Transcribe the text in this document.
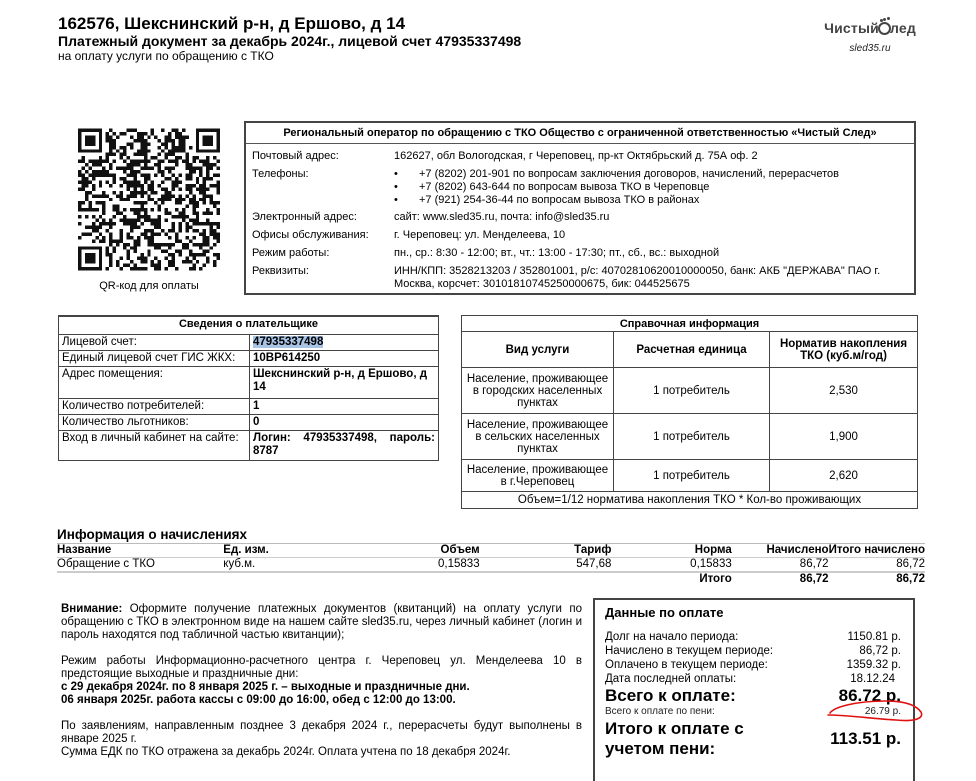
162576, Шекснинский р-н, д Ершово, д 14
Платежный документ за декабрь 2024г., лицевой счет 47935337498
на оплату услуги по обращению с ТКО
Чистый лед
sled35.ru
QR-код для оплаты
Региональный оператор по обращению с ТКО Общество с ограниченной ответственностью «Чистый След»
Почтовый адрес:	162627, обл Вологодская, г Череповец, пр-кт Октябрьский д. 75А оф. 2
Телефоны:	• +7 (8202) 201-901 по вопросам заключения договоров, начислений, перерасчетов
• +7 (8202) 643-644 по вопросам вывоза ТКО в Череповце
• +7 (921) 254-36-44 по вопросам вывоза ТКО в районах
Электронный адрес:	сайт: www.sled35.ru, почта: info@sled35.ru
Офисы обслуживания:	г. Череповец: ул. Менделеева, 10
Режим работы:	пн., ср.: 8:30 - 12:00; вт., чт.: 13:00 - 17:30; пт., сб., вс.: выходной
Реквизиты:	ИНН/КПП: 3528213203 / 352801001, р/с: 40702810620010000050, банк: АКБ "ДЕРЖАВА" ПАО г. Москва, корсчет: 30101810745250000675, бик: 044525675
Сведения о плательщике	
Лицевой счет:	47935337498
Единый лицевой счет ГИС ЖКХ:	10ВР614250
Адрес помещения:	Шекснинский р-н, д Ершово, д 14
Количество потребителей:	1
Количество льготников:	0
Вход в личный кабинет на сайте:	Логин: 47935337498, пароль: 8787
Справочная информация		
Вид услуги	Расчетная единица	Норматив накопления ТКО (куб.м/год)
Население, проживающее в городских населенных пунктах	1 потребитель	2,530
Население, проживающее в сельских населенных пунктах	1 потребитель	1,900
Население, проживающее в г.Череповец	1 потребитель	2,620
Объем=1/12 норматива накопления ТКО * Кол-во проживающих		
Информация о начислениях
Название	Ед. изм.	Объем	Тариф	Норма	Начислено	Итого начислено
Обращение с ТКО	куб.м.	0,15833	547,68	0,15833	86,72	86,72
				Итого	86,72	86,72

Внимание: Оформите получение платежных документов (квитанций) на оплату услуги по обращению с ТКО в электронном виде на нашем сайте sled35.ru, через личный кабинет (логин и пароль находятся под табличной частью квитанции);

Режим работы Информационно-расчетного центра г. Череповец ул. Менделеева 10 в предстоящие выходные и праздничные дни:

с 29 декабря 2024г. по 8 января 2025 г. – выходные и праздничные дни.

06 января 2025г. работа кассы с 09:00 до 16:00, обед с 12:00 до 13:00.

По заявлениям, направленным позднее 3 декабря 2024 г., перерасчеты будут выполнены в январе 2025 г.

Сумма ЕДК по ТКО отражена за декабрь 2024г. Оплата учтена по 18 декабря 2024г.

Данные по оплате
Долг на начало периода:	1150.81 р.
Начислено в текущем периоде:	86,72 р.
Оплачено в текущем периоде:	1359.32 р.
Дата последней оплаты:	18.12.24
Всего к оплате:	86.72 р.
Всего к оплате по пени:	26.79 р.
Итого к оплате с учетом пени:
113.51 р.
